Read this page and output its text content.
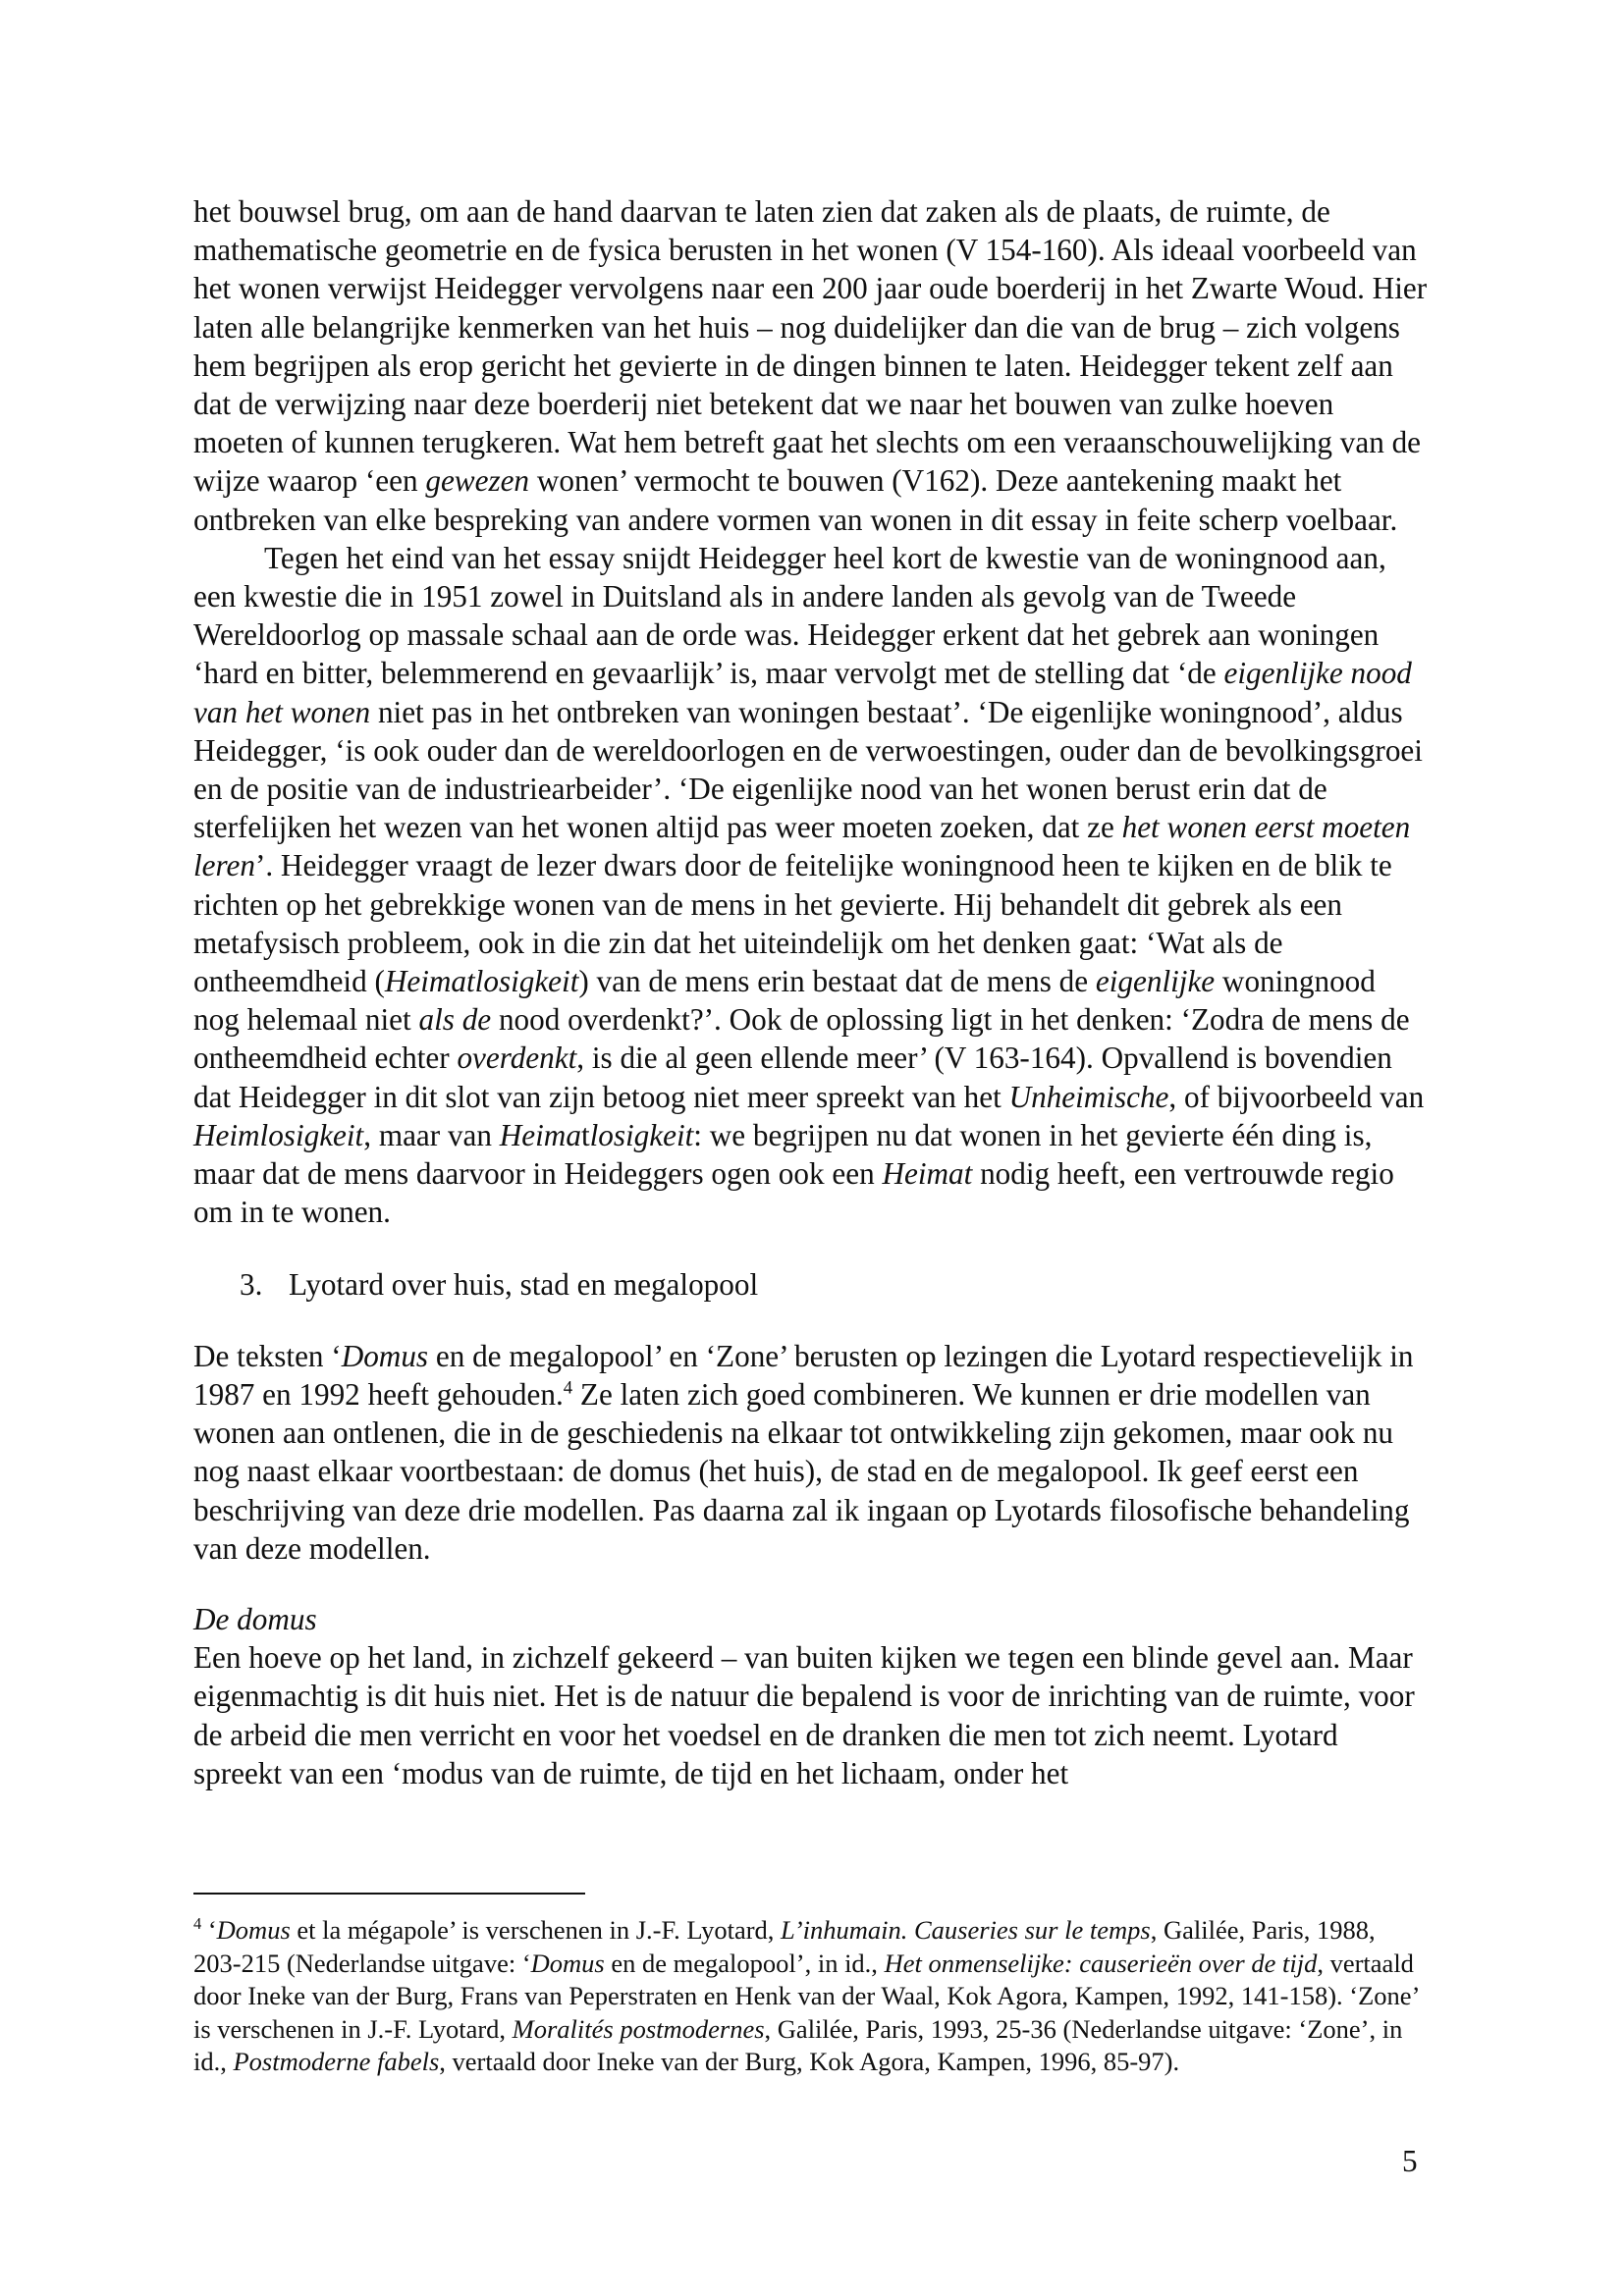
het bouwsel brug, om aan de hand daarvan te laten zien dat zaken als de plaats, de ruimte, de mathematische geometrie en de fysica berusten in het wonen (V 154-160). Als ideaal voorbeeld van het wonen verwijst Heidegger vervolgens naar een 200 jaar oude boerderij in het Zwarte Woud. Hier laten alle belangrijke kenmerken van het huis – nog duidelijker dan die van de brug – zich volgens hem begrijpen als erop gericht het gevierte in de dingen binnen te laten. Heidegger tekent zelf aan dat de verwijzing naar deze boerderij niet betekent dat we naar het bouwen van zulke hoeven moeten of kunnen terugkeren. Wat hem betreft gaat het slechts om een veraanschouwelijking van de wijze waarop ‘een gewezen wonen’ vermocht te bouwen (V162). Deze aantekening maakt het ontbreken van elke bespreking van andere vormen van wonen in dit essay in feite scherp voelbaar.

Tegen het eind van het essay snijdt Heidegger heel kort de kwestie van de woningnood aan, een kwestie die in 1951 zowel in Duitsland als in andere landen als gevolg van de Tweede Wereldoorlog op massale schaal aan de orde was. Heidegger erkent dat het gebrek aan woningen ‘hard en bitter, belemmerend en gevaarlijk’ is, maar vervolgt met de stelling dat ‘de eigenlijke nood van het wonen niet pas in het ontbreken van woningen bestaat’. ‘De eigenlijke woningnood’, aldus Heidegger, ‘is ook ouder dan de wereldoorlogen en de verwoestingen, ouder dan de bevolkingsgroei en de positie van de industriearbeider’. ‘De eigenlijke nood van het wonen berust erin dat de sterfelijken het wezen van het wonen altijd pas weer moeten zoeken, dat ze het wonen eerst moeten leren’. Heidegger vraagt de lezer dwars door de feitelijke woningnood heen te kijken en de blik te richten op het gebrekkige wonen van de mens in het gevierte. Hij behandelt dit gebrek als een metafysisch probleem, ook in die zin dat het uiteindelijk om het denken gaat: ‘Wat als de ontheemdheid (Heimatlosigkeit) van de mens erin bestaat dat de mens de eigenlijke woningnood nog helemaal niet als de nood overdenkt?’. Ook de oplossing ligt in het denken: ‘Zodra de mens de ontheemdheid echter overdenkt, is die al geen ellende meer’ (V 163-164). Opvallend is bovendien dat Heidegger in dit slot van zijn betoog niet meer spreekt van het Unheimische, of bijvoorbeeld van Heimlosigkeit, maar van Heimatlosigkeit: we begrijpen nu dat wonen in het gevierte één ding is, maar dat de mens daarvoor in Heideggers ogen ook een Heimat nodig heeft, een vertrouwde regio om in te wonen.

3. Lyotard over huis, stad en megalopool

De teksten ‘Domus en de megalopool’ en ‘Zone’ berusten op lezingen die Lyotard respectievelijk in 1987 en 1992 heeft gehouden.$^4$ Ze laten zich goed combineren. We kunnen er drie modellen van wonen aan ontlenen, die in de geschiedenis na elkaar tot ontwikkeling zijn gekomen, maar ook nu nog naast elkaar voortbestaan: de domus (het huis), de stad en de megalopool. Ik geef eerst een beschrijving van deze drie modellen. Pas daarna zal ik ingaan op Lyotards filosofische behandeling van deze modellen.

De domus

Een hoeve op het land, in zichzelf gekeerd – van buiten kijken we tegen een blinde gevel aan. Maar eigenmachtig is dit huis niet. Het is de natuur die bepalend is voor de inrichting van de ruimte, voor de arbeid die men verricht en voor het voedsel en de dranken die men tot zich neemt. Lyotard spreekt van een ‘modus van de ruimte, de tijd en het lichaam, onder het

$^4$ ‘Domus et la mégapole’ is verschenen in J.-F. Lyotard, L’inhumain. Causeries sur le temps, Galilée, Paris, 1988, 203-215 (Nederlandse uitgave: ‘Domus en de megalopool’, in id., Het onmenselijke: causerieën over de tijd, vertaald door Ineke van der Burg, Frans van Peperstraten en Henk van der Waal, Kok Agora, Kampen, 1992, 141-158). ‘Zone’ is verschenen in J.-F. Lyotard, Moralités postmodernes, Galilée, Paris, 1993, 25-36 (Nederlandse uitgave: ‘Zone’, in id., Postmoderne fabels, vertaald door Ineke van der Burg, Kok Agora, Kampen, 1996, 85-97).

5
